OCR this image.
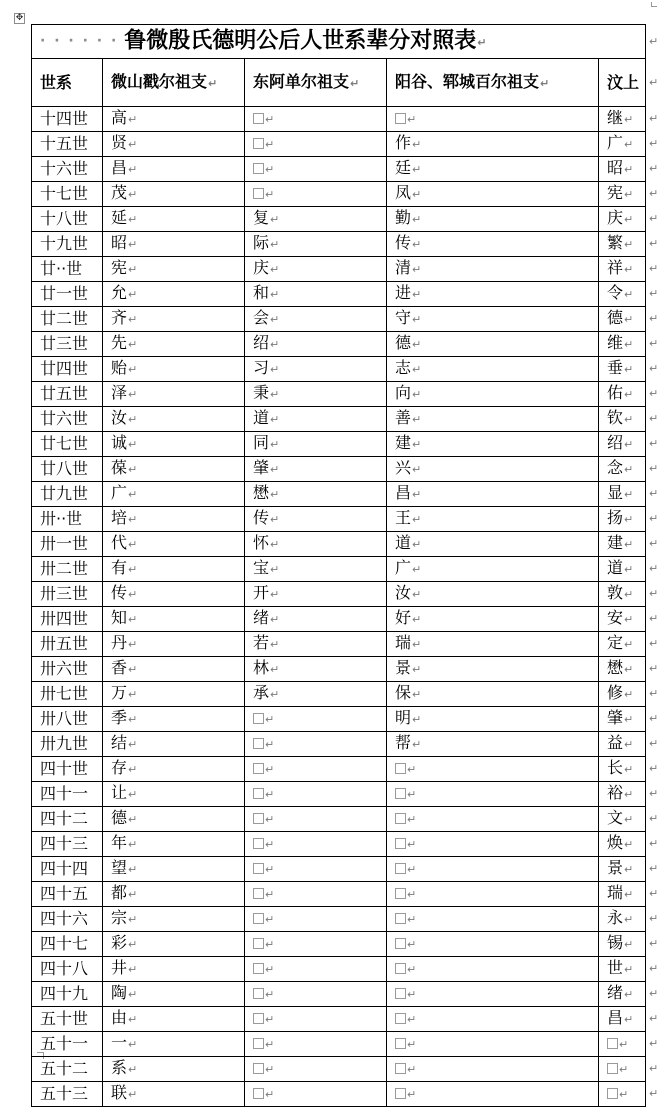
✥
· · · · · · 鲁微殷氏德明公后人世系辈分对照表↵				
世系	微山戳尔祖支↵	东阿单尔祖支↵	阳谷、郓城百尔祖支↵	汶上
十四世	高↵	↵	↵	继↵
十五世	贤↵	↵	作↵	广↵
十六世	昌↵	↵	廷↵	昭↵
十七世	茂↵	↵	凤↵	宪↵
十八世	延↵	复↵	勤↵	庆↵
十九世	昭↵	际↵	传↵	繁↵
廿··世	宪↵	庆↵	清↵	祥↵
廿一世	允↵	和↵	进↵	令↵
廿二世	齐↵	会↵	守↵	德↵
廿三世	先↵	绍↵	德↵	维↵
廿四世	贻↵	习↵	志↵	垂↵
廿五世	泽↵	秉↵	向↵	佑↵
廿六世	汝↵	道↵	善↵	钦↵
廿七世	诚↵	同↵	建↵	绍↵
廿八世	葆↵	肇↵	兴↵	念↵
廿九世	广↵	懋↵	昌↵	显↵
卅··世	培↵	传↵	王↵	扬↵
卅一世	代↵	怀↵	道↵	建↵
卅二世	有↵	宝↵	广↵	道↵
卅三世	传↵	开↵	汝↵	敦↵
卅四世	知↵	绪↵	好↵	安↵
卅五世	丹↵	若↵	瑞↵	定↵
卅六世	香↵	林↵	景↵	懋↵
卅七世	万↵	承↵	保↵	修↵
卅八世	季↵	↵	明↵	肇↵
卅九世	结↵	↵	帮↵	益↵
四十世	存↵	↵	↵	长↵
四十一	让↵	↵	↵	裕↵
四十二	德↵	↵	↵	文↵
四十三	年↵	↵	↵	焕↵
四十四	望↵	↵	↵	景↵
四十五	都↵	↵	↵	瑞↵
四十六	宗↵	↵	↵	永↵
四十七	彩↵	↵	↵	锡↵
四十八	井↵	↵	↵	世↵
四十九	陶↵	↵	↵	绪↵
五十世	由↵	↵	↵	昌↵
五十一	一↵	↵	↵	↵
五十二	系↵	↵	↵	↵
五十三	联↵	↵	↵	↵
↵
↵
↵
↵
↵
↵
↵
↵
↵
↵
↵
↵
↵
↵
↵
↵
↵
↵
↵
↵
↵
↵
↵
↵
↵
↵
↵
↵
↵
↵
↵
↵
↵
↵
↵
↵
↵
↵
↵
↵
↵
↵
